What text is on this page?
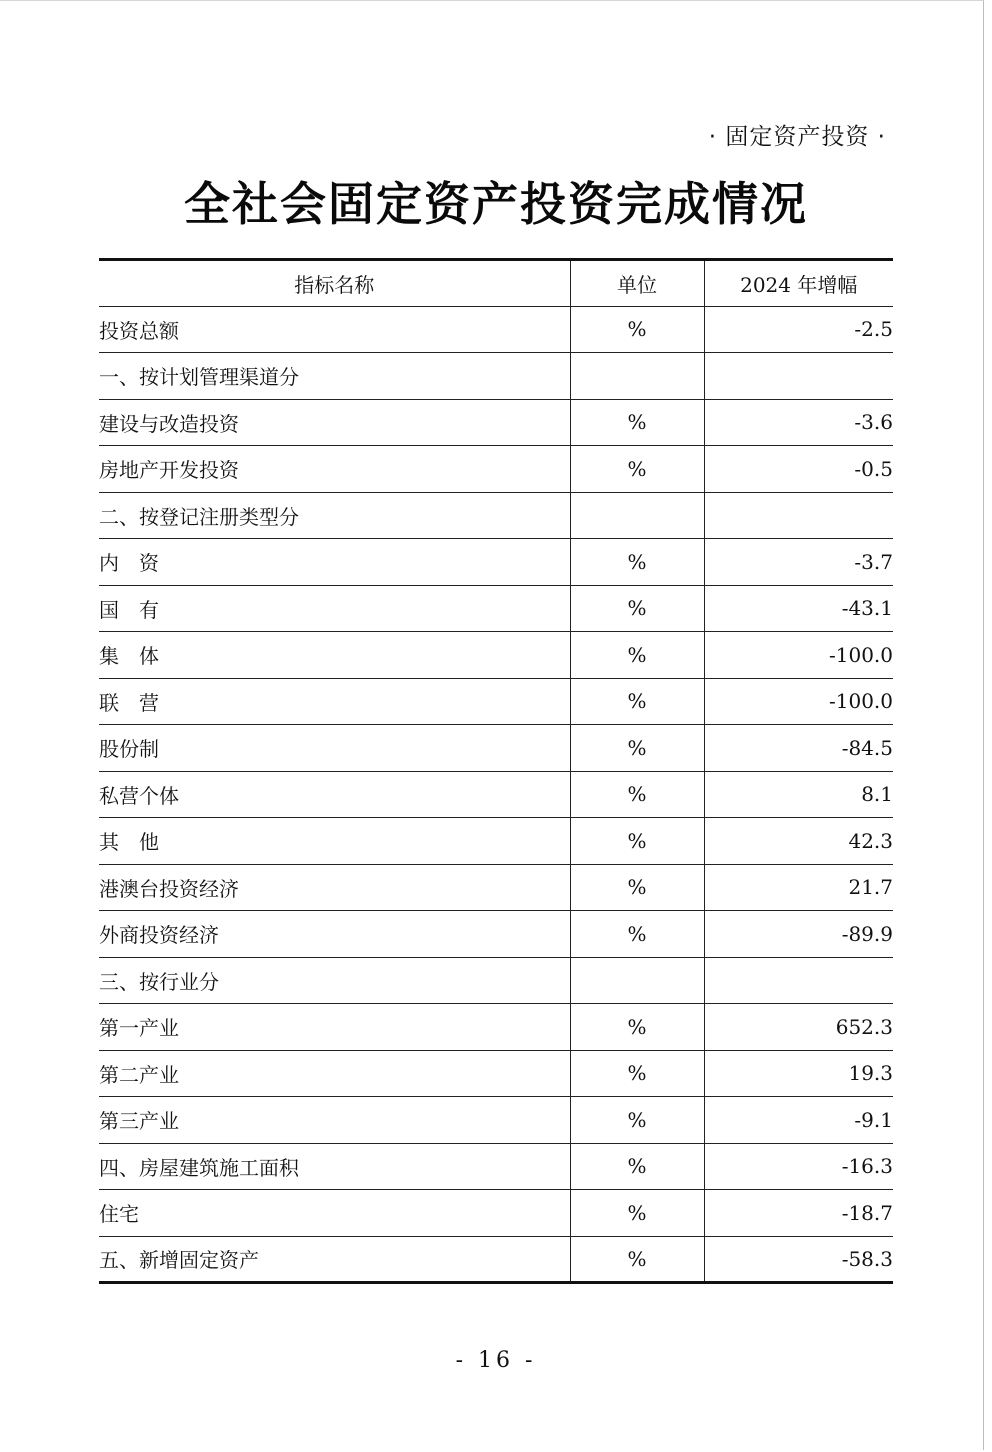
· 固定资产投资 ·
全社会固定资产投资完成情况
指标名称	单位	2024 年增幅
投资总额	%	-2.5
一、按计划管理渠道分		
建设与改造投资	%	-3.6
房地产开发投资	%	-0.5
二、按登记注册类型分		
内　资	%	-3.7
国　有	%	-43.1
集　体	%	-100.0
联　营	%	-100.0
股份制	%	-84.5
私营个体	%	8.1
其　他	%	42.3
港澳台投资经济	%	21.7
外商投资经济	%	-89.9
三、按行业分		
第一产业	%	652.3
第二产业	%	19.3
第三产业	%	-9.1
四、房屋建筑施工面积	%	-16.3
住宅	%	-18.7
五、新增固定资产	%	-58.3
- 16 -
